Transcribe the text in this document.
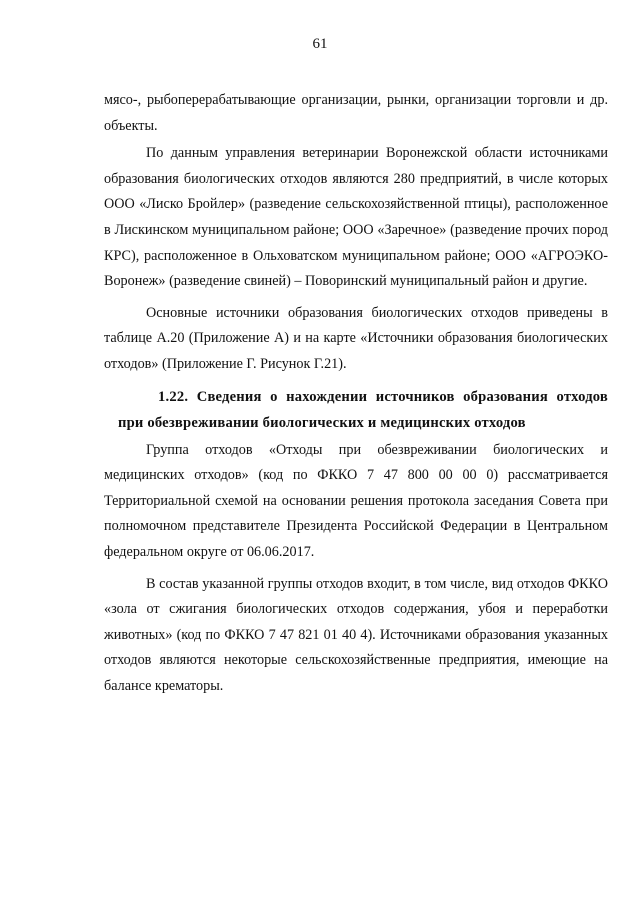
61

мясо-, рыбоперерабатывающие организации, рынки, организации торговли и др. объекты.

По данным управления ветеринарии Воронежской области источниками образования биологических отходов являются 280 предприятий, в числе которых ООО «Лиско Бройлер» (разведение сельскохозяйственной птицы), расположенное в Лискинском муниципальном районе; ООО «Заречное» (разведение прочих пород КРС), расположенное в Ольховатском муниципальном районе; ООО «АГРОЭКО-Воронеж» (разведение свиней) – Поворинский муниципальный район и другие.

Основные источники образования биологических отходов приведены в таблице А.20 (Приложение А) и на карте «Источники образования биологических отходов» (Приложение Г. Рисунок Г.21).

1.22. Сведения о нахождении источников образования отходов при обезвреживании биологических и медицинских отходов

Группа отходов «Отходы при обезвреживании биологических и медицинских отходов» (код по ФККО 7 47 800 00 00 0) рассматривается Территориальной схемой на основании решения протокола заседания Совета при полномочном представителе Президента Российской Федерации в Центральном федеральном округе от 06.06.2017.

В состав указанной группы отходов входит, в том числе, вид отходов ФККО «зола от сжигания биологических отходов содержания, убоя и переработки животных» (код по ФККО 7 47 821 01 40 4). Источниками образования указанных отходов являются некоторые сельскохозяйственные предприятия, имеющие на балансе крематоры.
